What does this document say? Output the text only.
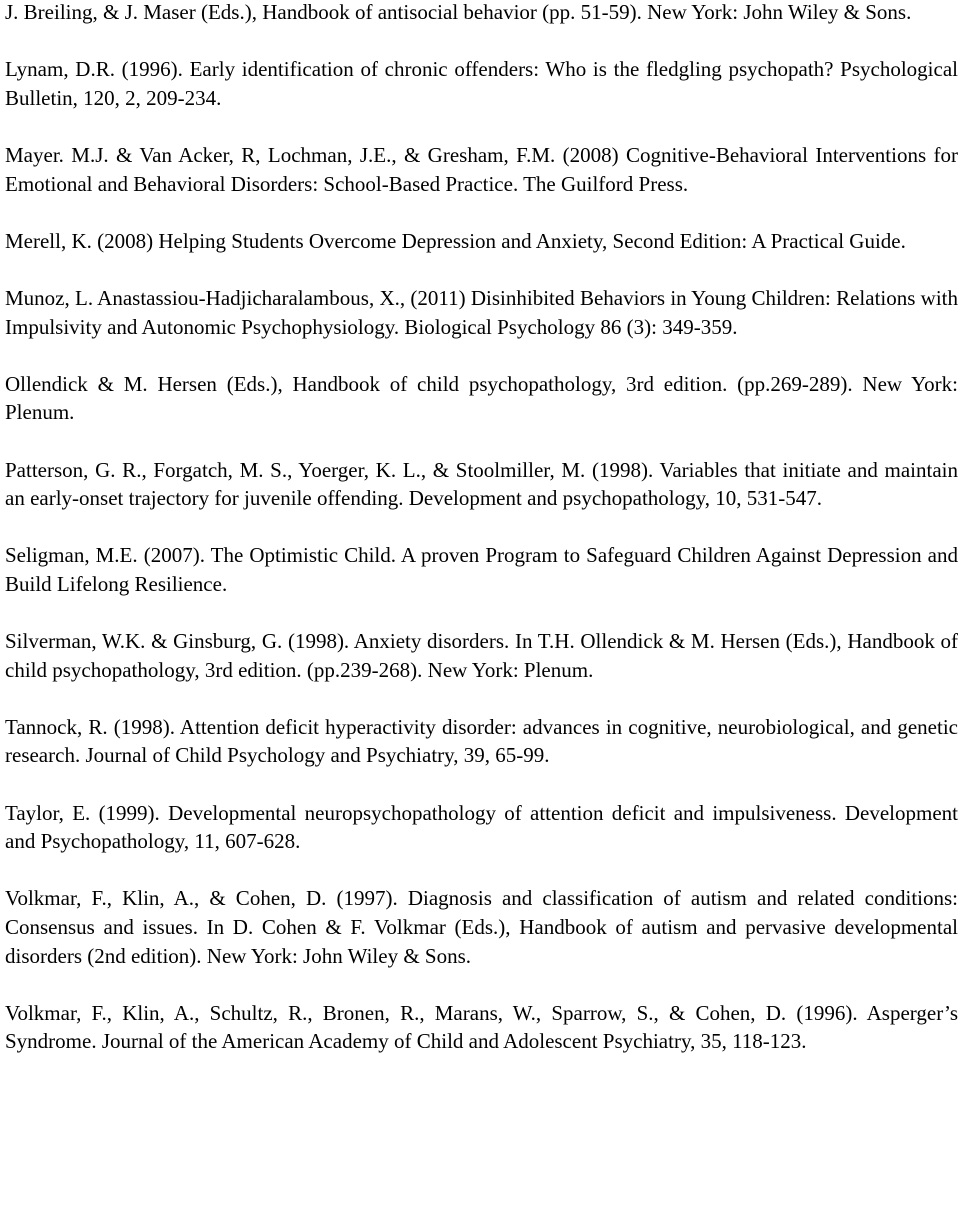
J. Breiling, & J. Maser (Eds.), Handbook of antisocial behavior (pp. 51-59). New York: John Wiley & Sons.

Lynam, D.R. (1996). Early identification of chronic offenders: Who is the fledgling psychopath? Psychological Bulletin, 120, 2, 209-234.

Mayer. M.J. & Van Acker, R, Lochman, J.E., & Gresham, F.M. (2008) Cognitive-Behavioral Interventions for Emotional and Behavioral Disorders: School-Based Practice. The Guilford Press.

Merell, K. (2008) Helping Students Overcome Depression and Anxiety, Second Edition: A Practical Guide.

Munoz, L. Anastassiou-Hadjicharalambous, X., (2011) Disinhibited Behaviors in Young Children: Relations with Impulsivity and Autonomic Psychophysiology. Biological Psychology 86 (3): 349-359.

Ollendick & M. Hersen (Eds.), Handbook of child psychopathology, 3rd edition. (pp.269-289). New York: Plenum.

Patterson, G. R., Forgatch, M. S., Yoerger, K. L., & Stoolmiller, M. (1998). Variables that initiate and maintain an early-onset trajectory for juvenile offending. Development and psychopathology, 10, 531-547.

Seligman, M.E. (2007). The Optimistic Child. A proven Program to Safeguard Children Against Depression and Build Lifelong Resilience.

Silverman, W.K. & Ginsburg, G. (1998). Anxiety disorders. In T.H. Ollendick & M. Hersen (Eds.), Handbook of child psychopathology, 3rd edition. (pp.239-268). New York: Plenum.

Tannock, R. (1998). Attention deficit hyperactivity disorder: advances in cognitive, neurobiological, and genetic research. Journal of Child Psychology and Psychiatry, 39, 65-99.

Taylor, E. (1999). Developmental neuropsychopathology of attention deficit and impulsiveness. Development and Psychopathology, 11, 607-628.

Volkmar, F., Klin, A., & Cohen, D. (1997). Diagnosis and classification of autism and related conditions: Consensus and issues. In D. Cohen & F. Volkmar (Eds.), Handbook of autism and pervasive developmental disorders (2nd edition). New York: John Wiley & Sons.

Volkmar, F., Klin, A., Schultz, R., Bronen, R., Marans, W., Sparrow, S., & Cohen, D. (1996). Asperger’s Syndrome. Journal of the American Academy of Child and Adolescent Psychiatry, 35, 118-123.
